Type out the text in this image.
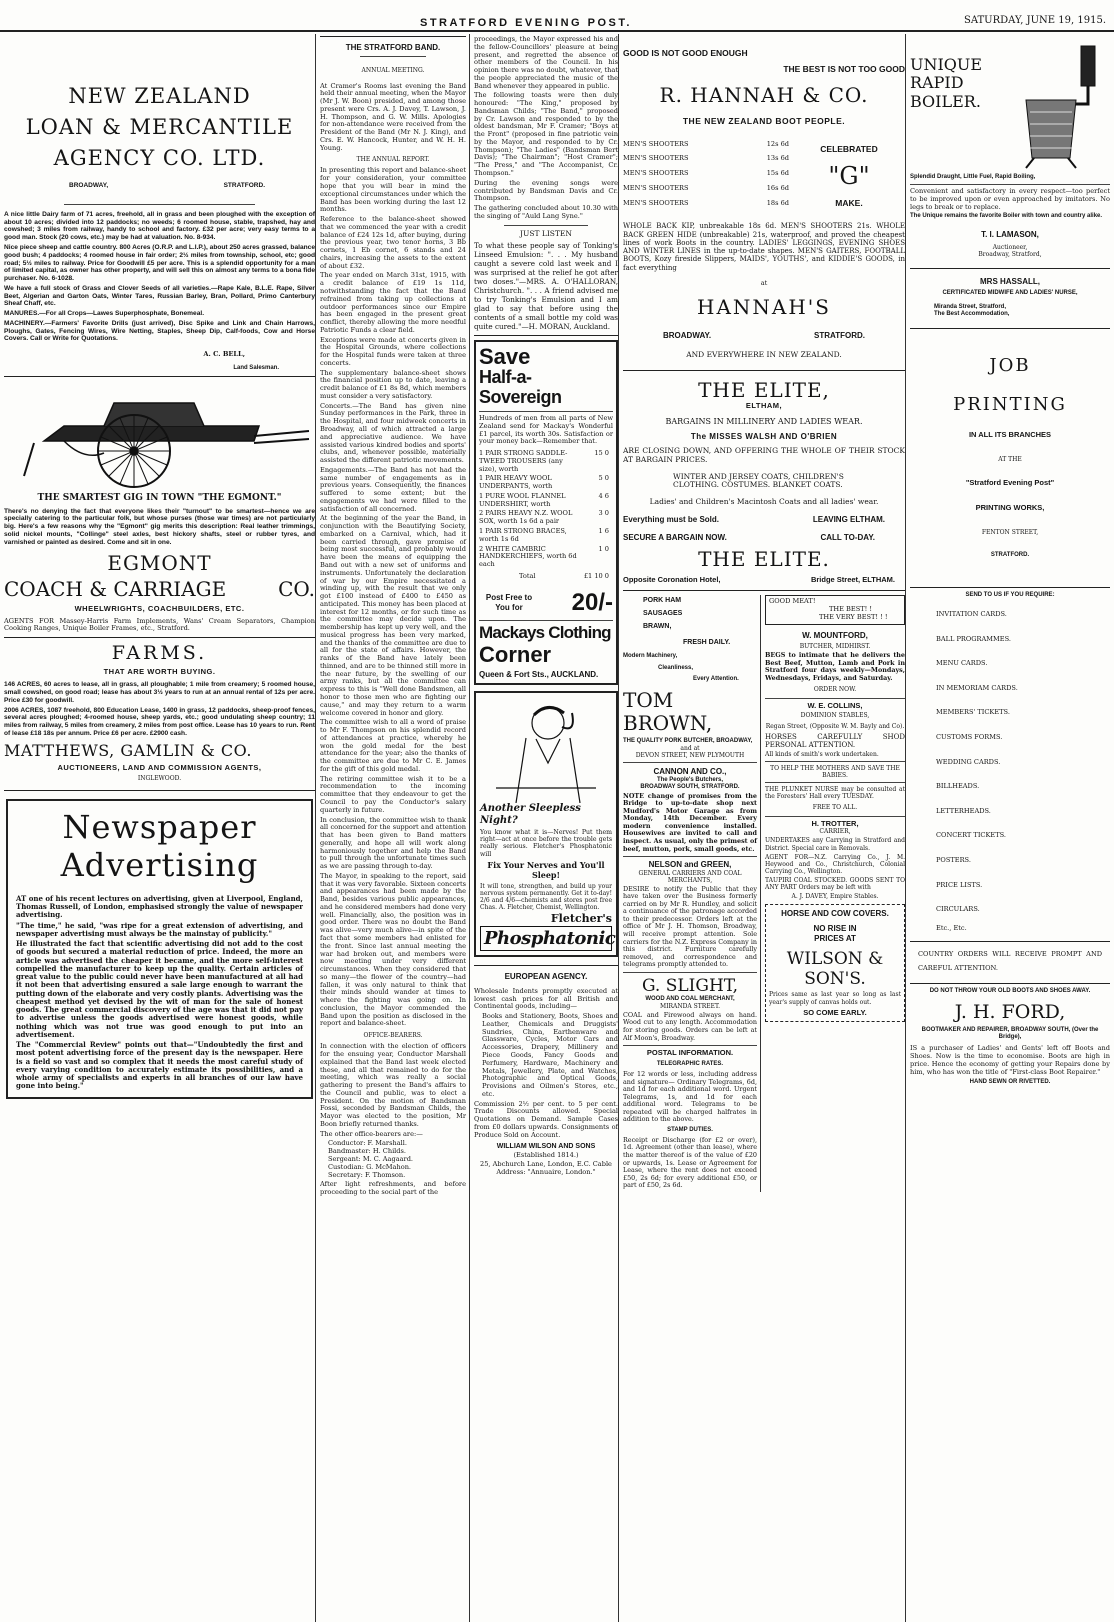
STRATFORD EVENING POST.	SATURDAY, JUNE 19, 1915.
NEW ZEALAND
LOAN & MERCANTILE
AGENCY CO. LTD.
BROADWAY,	STRATFORD.
A nice little Dairy farm of 71 acres, freehold, all in grass and been ploughed with the exception of about 10 acres; divided into 12 paddocks; no weeds; 6 roomed house, stable, trapshed, hay and cowshed; 3 miles from railway, handy to school and factory. £32 per acre; very easy terms to a good man. Stock (20 cows, etc.) may be had at valuation. No. 8-934.
Nice piece sheep and cattle country. 800 Acres (O.R.P. and L.I.P.), about 250 acres grassed, balance good bush; 4 paddocks; 4 roomed house in fair order; 2½ miles from township, school, etc; good road; 5½ miles to railway. Price for Goodwill £5 per acre. This is a splendid opportunity for a man of limited capital, as owner has other property, and will sell this on almost any terms to a bona fide purchaser. No. 6-1028.
We have a full stock of Grass and Clover Seeds of all varieties.—Rape Kale, B.L.E. Rape, Silver Beet, Algerian and Garton Oats, Winter Tares, Russian Barley, Bran, Pollard, Primo Canterbury Sheaf Chaff, etc.
MANURES.—For all Crops—Lawes Superphosphate, Bonemeal.
MACHINERY.—Farmers' Favorite Drills (just arrived), Disc Spike and Link and Chain Harrows, Ploughs, Gates, Fencing Wires, Wire Netting, Staples, Sheep Dip, Calf-foods, Cow and Horse Covers. Call or Write for Quotations.
A. C. BELL,
Land Salesman.
THE SMARTEST GIG IN TOWN "THE EGMONT."
There's no denying the fact that everyone likes their "turnout" to be smartest—hence we are specially catering to the particular folk, but whose purses (those war times) are not particularly big. Here's a few reasons why the "Egmont" gig merits this description: Real leather trimmings, solid nickel mounts, "Collinge" steel axles, best hickory shafts, steel or rubber tyres, and varnished or painted as desired. Come and sit in one.
EGMONT
COACH & CARRIAGE	CO.
WHEELWRIGHTS, COACHBUILDERS, ETC.
AGENTS FOR Massey-Harris Farm Implements, Wans' Cream Separators, Champion Cooking Ranges, Unique Boiler Frames, etc., Stratford.
FARMS.
THAT ARE WORTH BUYING.
146 ACRES, 60 acres to lease, all in grass, all ploughable; 1 mile from creamery; 5 roomed house, small cowshed, on good road; lease has about 3½ years to run at an annual rental of 12s per acre. Price £30 for goodwill.
2006 ACRES, 1087 freehold, 800 Education Lease, 1400 in grass, 12 paddocks, sheep-proof fences, several acres ploughed; 4-roomed house, sheep yards, etc.; good undulating sheep country; 11 miles from railway, 5 miles from creamery, 2 miles from post office. Lease has 10 years to run. Rent of lease £18 18s per annum. Price £6 per acre. £2900 cash.
MATTHEWS, GAMLIN & CO.
AUCTIONEERS, LAND AND COMMISSION AGENTS,
INGLEWOOD.
Newspaper
Advertising
AT one of his recent lectures on advertising, given at Liverpool, England, Thomas Russell, of London, emphasised strongly the value of newspaper advertising.
"The time," he said, "was ripe for a great extension of advertising, and newspaper advertising must always be the mainstay of publicity."
He illustrated the fact that scientific advertising did not add to the cost of goods but secured a material reduction of price. Indeed, the more an article was advertised the cheaper it became, and the more self-interest compelled the manufacturer to keep up the quality. Certain articles of great value to the public could never have been manufactured at all had it not been that advertising ensured a sale large enough to warrant the putting down of the elaborate and very costly plants. Advertising was the cheapest method yet devised by the wit of man for the sale of honest goods. The great commercial discovery of the age was that it did not pay to advertise unless the goods advertised were honest goods, while nothing which was not true was good enough to put into an advertisement.
The "Commercial Review" points out that—"Undoubtedly the first and most potent advertising force of the present day is the newspaper. Here is a field so vast and so complex that it needs the most careful study of every varying condition to accurately estimate its possibilities, and a whole army of specialists and experts in all branches of our law have gone into being."
THE STRATFORD BAND.
ANNUAL MEETING.
At Cramer's Rooms last evening the Band held their annual meeting, when the Mayor (Mr J. W. Boon) presided, and among those present were Crs. A. J. Davey, T. Lawson, J. H. Thompson, and G. W. Mills. Apologies for non-attendance were received from the President of the Band (Mr N. J. King), and Crs. E. W. Hancock, Hunter, and W. H. H. Young.
THE ANNUAL REPORT.
In presenting this report and balance-sheet for your consideration, your committee hope that you will bear in mind the exceptional circumstances under which the Band has been working during the last 12 months.
Reference to the balance-sheet showed that we commenced the year with a credit balance of £24 12s 1d, after buying, during the previous year, two tenor horns, 3 Bb cornets, 1 Eb cornet, 6 stands and 24 chairs, increasing the assets to the extent of about £32.
The year ended on March 31st, 1915, with a credit balance of £19 1s 11d, notwithstanding the fact that the Band refrained from taking up collections at outdoor performances since our Empire has been engaged in the present great conflict, thereby allowing the more needful Patriotic Funds a clear field.
Exceptions were made at concerts given in the Hospital Grounds, where collections for the Hospital funds were taken at three concerts.
The supplementary balance-sheet shows the financial position up to date, leaving a credit balance of £1 8s 8d, which members must consider a very satisfactory.
Concerts.—The Band has given nine Sunday performances in the Park, three in the Hospital, and four midweek concerts in Broadway, all of which attracted a large and appreciative audience. We have assisted various kindred bodies and sports' clubs, and, whenever possible, materially assisted the different patriotic movements.
Engagements.—The Band has not had the same number of engagements as in previous years. Consequently, the finances suffered to some extent; but the engagements we had were filled to the satisfaction of all concerned.
At the beginning of the year the Band, in conjunction with the Beautifying Society, embarked on a Carnival, which, had it been carried through, gave promise of being most successful, and probably would have been the means of equipping the Band out with a new set of uniforms and instruments. Unfortunately the declaration of war by our Empire necessitated a winding up, with the result that we only got £100 instead of £400 to £450 as anticipated. This money has been placed at interest for 12 months, or for such time as the committee may decide upon. The membership has kept up very well, and the musical progress has been very marked, and the thanks of the committee are due to all for the state of affairs. However, the ranks of the Band have lately been thinned, and are to be thinned still more in the near future, by the swelling of our army ranks, but all the committee can express to this is "Well done Bandsmen, all honor to those men who are fighting our cause," and may they return to a warm welcome covered in honor and glory.
The committee wish to all a word of praise to Mr F. Thompson on his splendid record of attendances at practice, whereby he won the gold medal for the best attendance for the year; also the thanks of the committee are due to Mr C. E. James for the gift of this gold medal.
The retiring committee wish it to be a recommendation to the incoming committee that they endeavour to get the Council to pay the Conductor's salary quarterly in future.
In conclusion, the committee wish to thank all concerned for the support and attention that has been given to Band matters generally, and hope all will work along harmoniously together and help the Band to pull through the unfortunate times such as we are passing through to-day.
The Mayor, in speaking to the report, said that it was very favorable. Sixteen concerts and appearances had been made by the Band, besides various public appearances, and he considered members had done very well. Financially, also, the position was in good order. There was no doubt the Band was alive—very much alive—in spite of the fact that some members had enlisted for the front. Since last annual meeting the war had broken out, and members were now meeting under very different circumstances. When they considered that so many—the flower of the country—had fallen, it was only natural to think that their minds should wander at times to where the fighting was going on. In conclusion, the Mayor commended the Band upon the position as disclosed in the report and balance-sheet.
OFFICE-BEARERS.
In connection with the election of officers for the ensuing year, Conductor Marshall explained that the Band last week elected these, and all that remained to do for the meeting, which was really a social gathering to present the Band's affairs to the Council and public, was to elect a President. On the motion of Bandsman Fossi, seconded by Bandsman Childs, the Mayor was elected to the position, Mr Boon briefly returned thanks.
The other office-bearers are:—
Conductor: F. Marshall.
Bandmaster: H. Childs.
Sergeant: M. C. Aagaard.
Custodian: G. McMahon.
Secretary: F. Thomson.
After light refreshments, and before proceeding to the social part of the
proceedings, the Mayor expressed his and the fellow-Councillors' pleasure at being present, and regretted the absence of other members of the Council. In his opinion there was no doubt, whatever, that the people appreciated the music of the Band whenever they appeared in public.
The following toasts were then duly honoured: "The King," proposed by Bandsman Childs; "The Band," proposed by Cr. Lawson and responded to by the oldest bandsman, Mr F. Cramer; "Boys at the Front" (proposed in fine patriotic vein by the Mayor, and responded to by Cr. Thompson); "The Ladies" (Bandsman Bert Davis); "The Chairman"; "Host Cramer"; "The Press," and "The Accompanist, Cr. Thompson."
During the evening songs were contributed by Bandsman Davis and Cr. Thompson.
The gathering concluded about 10.30 with the singing of "Auld Lang Syne."
JUST LISTEN
To what these people say of Tonking's Linseed Emulsion: ". . . My husband caught a severe cold last week and I was surprised at the relief he got after two doses."—MRS. A. O'HALLORAN, Christchurch. ". . . A friend advised me to try Tonking's Emulsion and I am glad to say that before using the contents of a small bottle my cold was quite cured."—H. MORAN, Auckland.
Save
Half-a-Sovereign
Hundreds of men from all parts of New Zealand send for Mackay's Wonderful £1 parcel, its worth 30s. Satisfaction or your money back—Remember that.
1 PAIR STRONG SADDLE-TWEED TROUSERS (any size), worth
15 0
1 PAIR HEAVY WOOL UNDERPANTS, worth
5 0
1 PURE WOOL FLANNEL UNDERSHIRT, worth
4 6
2 PAIRS HEAVY N.Z. WOOL SOX, worth 1s 6d a pair
3 0
1 PAIR STRONG BRACES, worth 1s 6d
1 6
2 WHITE CAMBRIC HANDKERCHIEFS, worth 6d each
1 0
Total	£1 10 0
Post Free to You for	20/-
Mackays Clothing
Corner
Queen & Fort Sts., AUCKLAND.
Another Sleepless Night?
You know what it is—Nerves! Put them right—act at once before the trouble gets really serious. Fletcher's Phosphatonic will
Fix Your Nerves and You'll Sleep!
It will tone, strengthen, and build up your nervous system permanently. Get it to-day! 2/6 and 4/6—chemists and stores post free Chas. A. Fletcher, Chemist, Wellington.
Fletcher's
Phosphatonic
EUROPEAN AGENCY.
Wholesale Indents promptly executed at lowest cash prices for all British and Continental goods, including—
Books and Stationery, Boots, Shoes and Leather, Chemicals and Druggists' Sundries, China, Earthenware and Glassware, Cycles, Motor Cars and Accessories, Drapery, Millinery and Piece Goods, Fancy Goods and Perfumery, Hardware, Machinery and Metals, Jewellery, Plate, and Watches, Photographic and Optical Goods, Provisions and Oilmen's Stores, etc., etc.
Commission 2½ per cent. to 5 per cent. Trade Discounts allowed. Special Quotations on Demand. Sample Cases from £0 dollars upwards. Consignments of Produce Sold on Account.
WILLIAM WILSON AND SONS
(Established 1814.)
25, Abchurch Lane, London, E.C. Cable Address: "Annuaire, London."
GOOD IS NOT GOOD ENOUGH
THE BEST IS NOT TOO GOOD
R. HANNAH & CO.
THE NEW ZEALAND BOOT PEOPLE.
MEN'S SHOOTERS	12s 6d
MEN'S SHOOTERS	13s 6d
MEN'S SHOOTERS	15s 6d
MEN'S SHOOTERS	16s 6d
MEN'S SHOOTERS	18s 6d
CELEBRATED
"G"
MAKE.
WHOLE BACK KIP, unbreakable 18s 6d. MEN'S SHOOTERS 21s. WHOLE BACK GREEN HIDE (unbreakable) 21s, waterproof, and proved the cheapest lines of work Boots in the country. LADIES' LEGGINGS, EVENING SHOES AND WINTER LINES in the up-to-date shapes. MEN'S GAITERS, FOOTBALL BOOTS, Kozy fireside Slippers, MAIDS', YOUTHS', and KIDDIE'S GOODS, in fact everything
at
HANNAH'S
BROADWAY.	STRATFORD.
AND EVERYWHERE IN NEW ZEALAND.
THE ELITE,
ELTHAM,
BARGAINS IN MILLINERY AND LADIES WEAR.
The MISSES WALSH AND O'BRIEN
ARE CLOSING DOWN, AND OFFERING THE WHOLE OF THEIR STOCK AT BARGAIN PRICES.
WINTER AND JERSEY COATS, CHILDREN'S CLOTHING. COSTUMES. BLANKET COATS.
Ladies' and Children's Macintosh Coats and all ladies' wear.
Everything must be Sold.	LEAVING ELTHAM.
SECURE A BARGAIN NOW.	CALL TO-DAY.
THE ELITE.
Opposite Coronation Hotel,	Bridge Street, ELTHAM.
PORK HAM SAUSAGES BRAWN,
FRESH DAILY.
Modern Machinery,
Cleanliness,
Every Attention.
TOM BROWN,
THE QUALITY PORK BUTCHER, BROADWAY,
and at
DEVON STREET, NEW PLYMOUTH
CANNON AND CO.,
The People's Butchers,
BROADWAY SOUTH, STRATFORD.
NOTE change of promises from the Bridge to up-to-date shop next Mudford's Motor Garage as from Monday, 14th December. Every modern convenience installed. Housewives are invited to call and inspect. As usual, only the primest of beef, mutton, pork, small goods, etc.
NELSON and GREEN,
GENERAL CARRIERS AND COAL MERCHANTS,
DESIRE to notify the Public that they have taken over the Business formerly carried on by Mr R. Hundley, and solicit a continuance of the patronage accorded to their predecessor. Orders left at the office of Mr J. H. Thomson, Broadway, will receive prompt attention. Sole carriers for the N.Z. Express Company in this district. Furniture carefully removed, and correspondence and telegrams promptly attended to.
G. SLIGHT,
WOOD AND COAL MERCHANT,
MIRANDA STREET.
COAL and Firewood always on hand. Wood cut to any length. Accommodation for storing goods. Orders can be left at Alf Moon's, Broadway.
POSTAL INFORMATION.
TELEGRAPHIC RATES.
For 12 words or less, including address and signature— Ordinary Telegrams, 6d, and 1d for each additional word. Urgent Telegrams, 1s, and 1d for each additional word. Telegrams to be repeated will be charged halfrates in addition to the above.
STAMP DUTIES.
Receipt or Discharge (for £2 or over), 1d. Agreement (other than lease), where the matter thereof is of the value of £20 or upwards, 1s. Lease or Agreement for Lease, where the rent does not exceed £50, 2s 6d; for every additional £50, or part of £50, 2s 6d.
GOOD MEAT!
THE BEST! !
THE VERY BEST! ! !
W. MOUNTFORD,
BUTCHER, MIDHIRST.
BEGS to intimate that he delivers the Best Beef, Mutton, Lamb and Pork in Stratford four days weekly—Mondays, Wednesdays, Fridays, and Saturday.
ORDER NOW.
W. E. COLLINS,
DOMINION STABLES,
Regan Street, (Opposite W. M. Bayly and Co).
HORSES CAREFULLY SHOD PERSONAL ATTENTION.
All kinds of smith's work undertaken.
TO HELP THE MOTHERS AND SAVE THE BABIES.
THE PLUNKET NURSE may be consulted at the Foresters' Hall every TUESDAY.
FREE TO ALL.
H. TROTTER,
CARRIER,
UNDERTAKES any Carrying in Stratford and District. Special care in Removals.
AGENT FOR—N.Z. Carrying Co., J. M. Heywood and Co., Christchurch, Colonial Carrying Co., Wellington.
TAUPIRI COAL STOCKED. GOODS SENT TO ANY PART Orders may be left with
A. J. DAVEY, Empire Stables.
HORSE AND COW COVERS.
NO RISE IN PRICES AT
WILSON & SON'S.
Prices same as last year so long as last year's supply of canvas holds out.
SO COME EARLY.
UNIQUE
RAPID
BOILER.
Splendid Draught, Little Fuel, Rapid Boiling,
Convenient and satisfactory in every respect—too perfect to be improved upon or even approached by imitators. No legs to break or to replace.
The Unique remains the favorite Boiler with town and country alike.
T. I. LAMASON,
Auctioneer,
Broadway, Stratford,
MRS HASSALL,
CERTIFICATED MIDWIFE AND LADIES' NURSE,
Miranda Street, Stratford,
The Best Accommodation,
JOB
PRINTING
IN ALL ITS BRANCHES
AT THE
"Stratford Evening Post"
PRINTING WORKS,
FENTON STREET,
STRATFORD.
SEND TO US IF YOU REQUIRE:
INVITATION CARDS.
BALL PROGRAMMES.
MENU CARDS.
IN MEMORIAM CARDS.
MEMBERS' TICKETS.
CUSTOMS FORMS.
WEDDING CARDS.
BILLHEADS.
LETTERHEADS.
CONCERT TICKETS.
POSTERS.
PRICE LISTS.
CIRCULARS.
Etc., Etc.
COUNTRY ORDERS WILL RECEIVE PROMPT AND CAREFUL ATTENTION.
DO NOT THROW YOUR OLD BOOTS AND SHOES AWAY.
J. H. FORD,
BOOTMAKER AND REPAIRER, BROADWAY SOUTH, (Over the Bridge),
IS a purchaser of Ladies' and Gents' left off Boots and Shoes. Now is the time to economise. Boots are high in price. Hence the economy of getting your Repairs done by him, who has won the title of "First-class Boot Repairer."
HAND SEWN OR RIVETTED.
